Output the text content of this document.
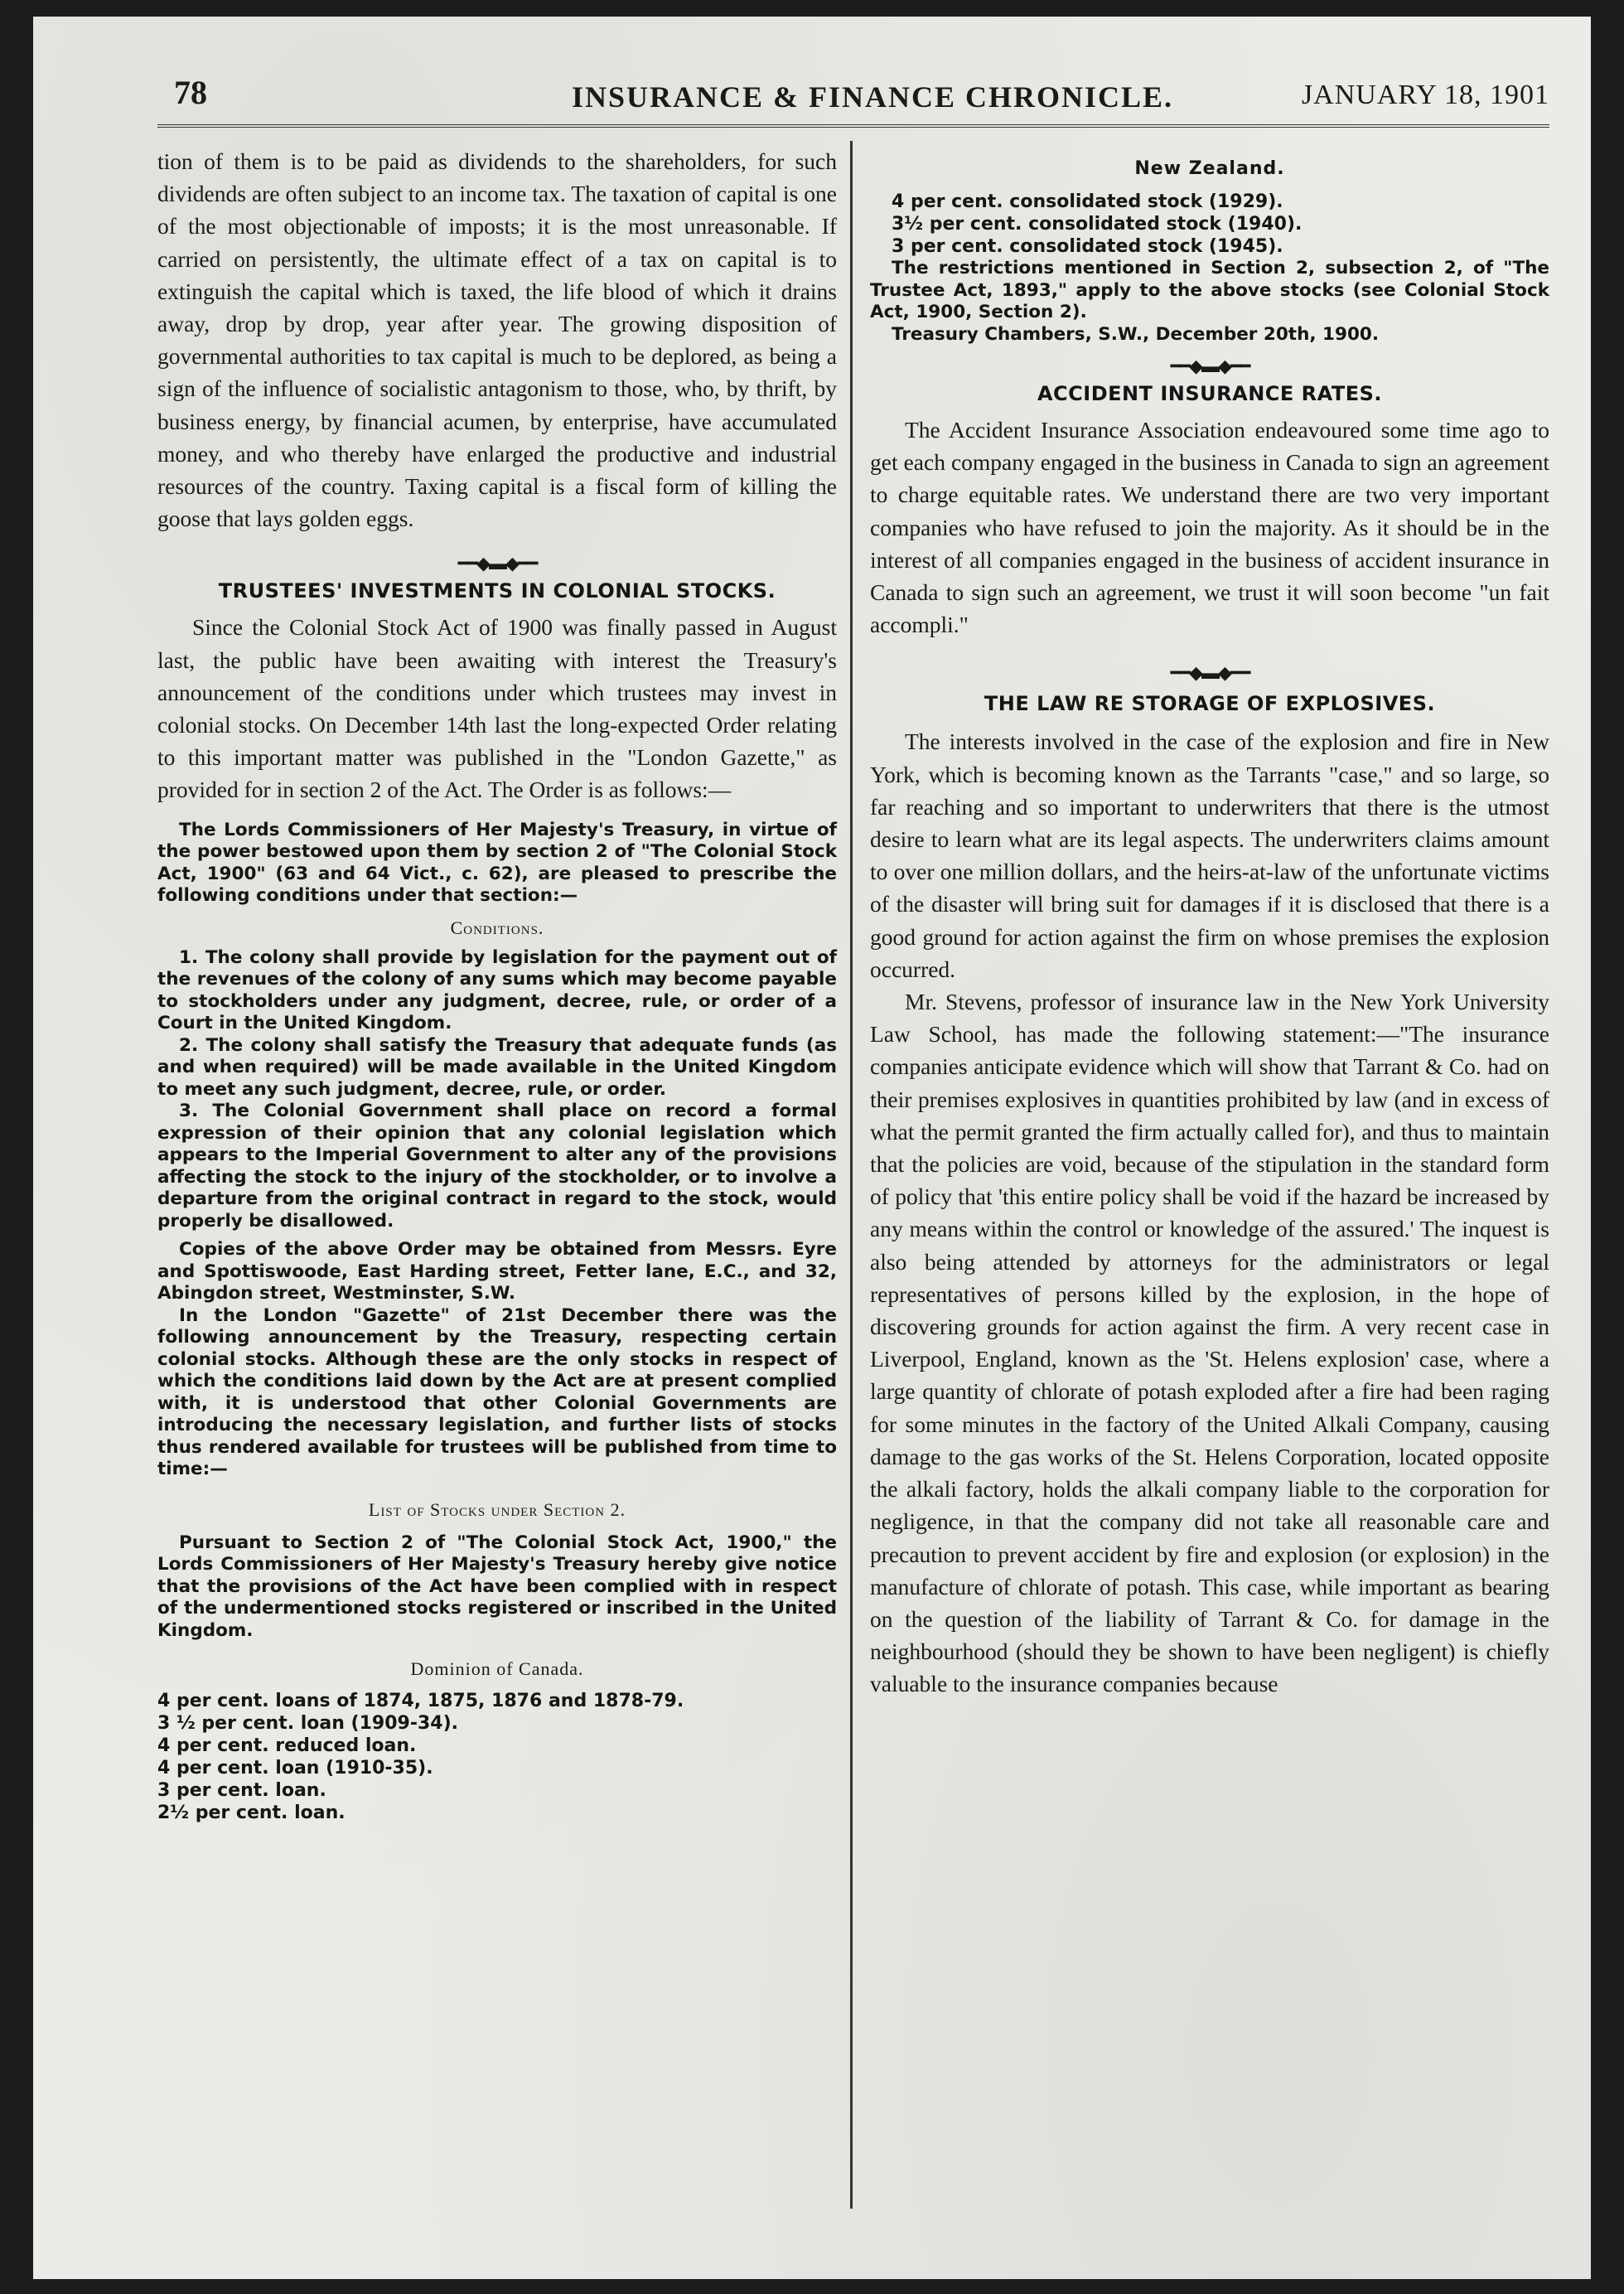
78	INSURANCE & FINANCE CHRONICLE.	JANUARY 18, 1901

tion of them is to be paid as dividends to the shareholders, for such dividends are often subject to an income tax. The taxation of capital is one of the most objectionable of imposts; it is the most unreasonable. If carried on persistently, the ultimate effect of a tax on capital is to extinguish the capital which is taxed, the life blood of which it drains away, drop by drop, year after year. The growing disposition of governmental authorities to tax capital is much to be deplored, as being a sign of the influence of socialistic antagonism to those, who, by thrift, by business energy, by financial acumen, by enterprise, have accumulated money, and who thereby have enlarged the productive and industrial resources of the country. Taxing capital is a fiscal form of killing the goose that lays golden eggs.

━━◆▬◆━━

TRUSTEES' INVESTMENTS IN COLONIAL STOCKS.

Since the Colonial Stock Act of 1900 was finally passed in August last, the public have been awaiting with interest the Treasury's announcement of the conditions under which trustees may invest in colonial stocks. On December 14th last the long-expected Order relating to this important matter was published in the "London Gazette," as provided for in section 2 of the Act. The Order is as follows:—

The Lords Commissioners of Her Majesty's Treasury, in virtue of the power bestowed upon them by section 2 of "The Colonial Stock Act, 1900" (63 and 64 Vict., c. 62), are pleased to prescribe the following conditions under that section:—

Conditions.

1. The colony shall provide by legislation for the payment out of the revenues of the colony of any sums which may become payable to stockholders under any judgment, decree, rule, or order of a Court in the United Kingdom.

2. The colony shall satisfy the Treasury that adequate funds (as and when required) will be made available in the United Kingdom to meet any such judgment, decree, rule, or order.

3. The Colonial Government shall place on record a formal expression of their opinion that any colonial legislation which appears to the Imperial Government to alter any of the provisions affecting the stock to the injury of the stockholder, or to involve a departure from the original contract in regard to the stock, would properly be disallowed.

Copies of the above Order may be obtained from Messrs. Eyre and Spottiswoode, East Harding street, Fetter lane, E.C., and 32, Abingdon street, Westminster, S.W.

In the London "Gazette" of 21st December there was the following announcement by the Treasury, respecting certain colonial stocks. Although these are the only stocks in respect of which the conditions laid down by the Act are at present complied with, it is understood that other Colonial Governments are introducing the necessary legislation, and further lists of stocks thus rendered available for trustees will be published from time to time:—

List of Stocks under Section 2.

Pursuant to Section 2 of "The Colonial Stock Act, 1900," the Lords Commissioners of Her Majesty's Treasury hereby give notice that the provisions of the Act have been complied with in respect of the undermentioned stocks registered or inscribed in the United Kingdom.

Dominion of Canada.

4 per cent. loans of 1874, 1875, 1876 and 1878-79.
3 ½ per cent. loan (1909-34).
4 per cent. reduced loan.
4 per cent. loan (1910-35).
3 per cent. loan.
2½ per cent. loan.

New Zealand.

4 per cent. consolidated stock (1929).
3½ per cent. consolidated stock (1940).
3 per cent. consolidated stock (1945).

The restrictions mentioned in Section 2, subsection 2, of "The Trustee Act, 1893," apply to the above stocks (see Colonial Stock Act, 1900, Section 2).

Treasury Chambers, S.W., December 20th, 1900.

━━◆▬◆━━

ACCIDENT INSURANCE RATES.

The Accident Insurance Association endeavoured some time ago to get each company engaged in the business in Canada to sign an agreement to charge equitable rates. We understand there are two very important companies who have refused to join the majority. As it should be in the interest of all companies engaged in the business of accident insurance in Canada to sign such an agreement, we trust it will soon become "un fait accompli."

━━◆▬◆━━

THE LAW RE STORAGE OF EXPLOSIVES.

The interests involved in the case of the explosion and fire in New York, which is becoming known as the Tarrants "case," and so large, so far reaching and so important to underwriters that there is the utmost desire to learn what are its legal aspects. The underwriters claims amount to over one million dollars, and the heirs-at-law of the unfortunate victims of the disaster will bring suit for damages if it is disclosed that there is a good ground for action against the firm on whose premises the explosion occurred.

Mr. Stevens, professor of insurance law in the New York University Law School, has made the following statement:—"The insurance companies anticipate evidence which will show that Tarrant & Co. had on their premises explosives in quantities prohibited by law (and in excess of what the permit granted the firm actually called for), and thus to maintain that the policies are void, because of the stipulation in the standard form of policy that 'this entire policy shall be void if the hazard be increased by any means within the control or knowledge of the assured.' The inquest is also being attended by attorneys for the administrators or legal representatives of persons killed by the explosion, in the hope of discovering grounds for action against the firm. A very recent case in Liverpool, England, known as the 'St. Helens explosion' case, where a large quantity of chlorate of potash exploded after a fire had been raging for some minutes in the factory of the United Alkali Company, causing damage to the gas works of the St. Helens Corporation, located opposite the alkali factory, holds the alkali company liable to the corporation for negligence, in that the company did not take all reasonable care and precaution to prevent accident by fire and explosion (or explosion) in the manufacture of chlorate of potash. This case, while important as bearing on the question of the liability of Tarrant & Co. for damage in the neighbourhood (should they be shown to have been negligent) is chiefly valuable to the insurance companies because
